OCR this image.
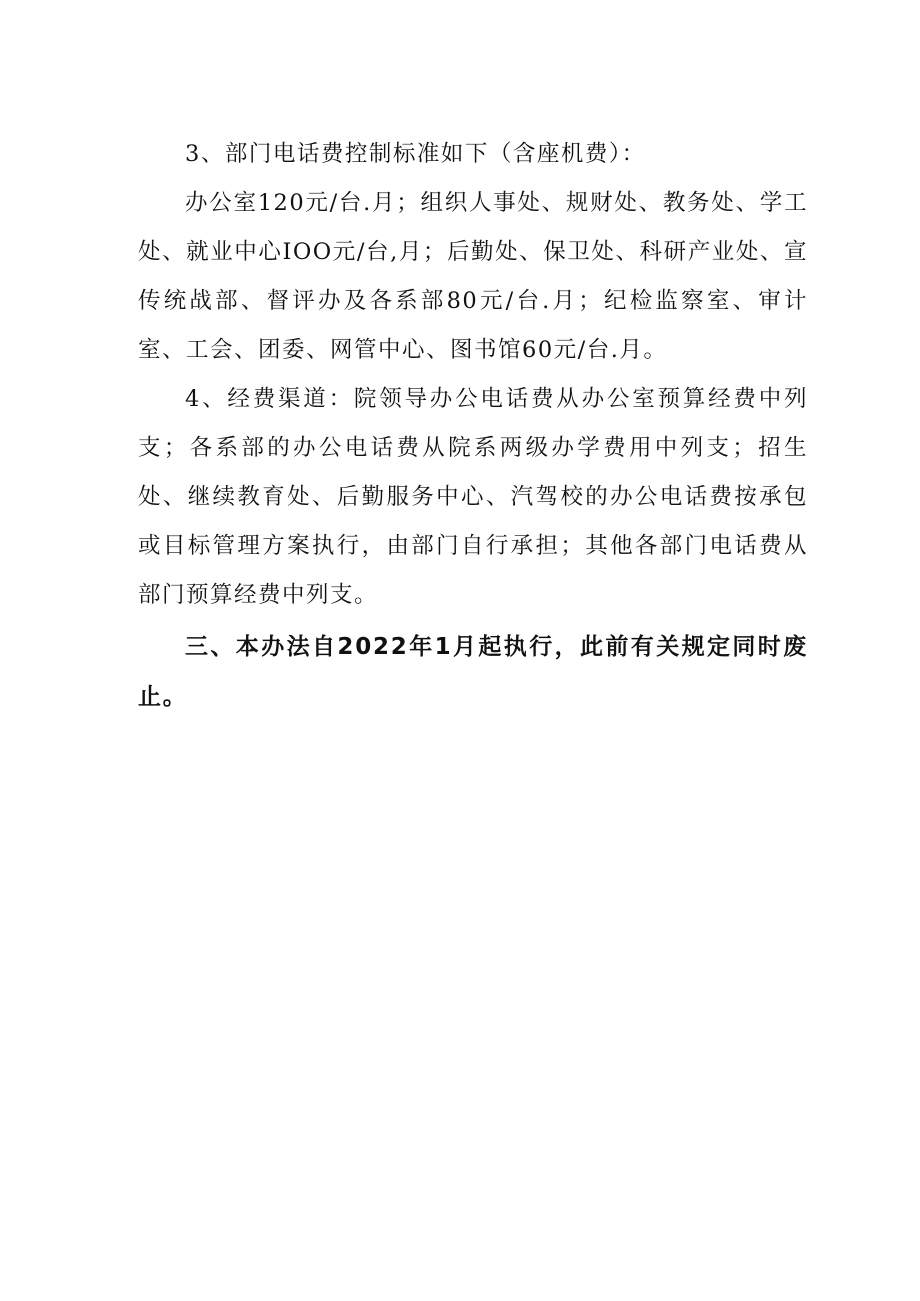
3、部门电话费控制标准如下（含座机费）：

办公室120元/台.月；组织人事处、规财处、教务处、学工处、就业中心IOO元/台,月；后勤处、保卫处、科研产业处、宣传统战部、督评办及各系部80元/台.月；纪检监察室、审计室、工会、团委、网管中心、图书馆60元/台.月。

4、经费渠道：院领导办公电话费从办公室预算经费中列支；各系部的办公电话费从院系两级办学费用中列支；招生处、继续教育处、后勤服务中心、汽驾校的办公电话费按承包或目标管理方案执行，由部门自行承担；其他各部门电话费从部门预算经费中列支。

三、本办法自2022年1月起执行，此前有关规定同时废止。
